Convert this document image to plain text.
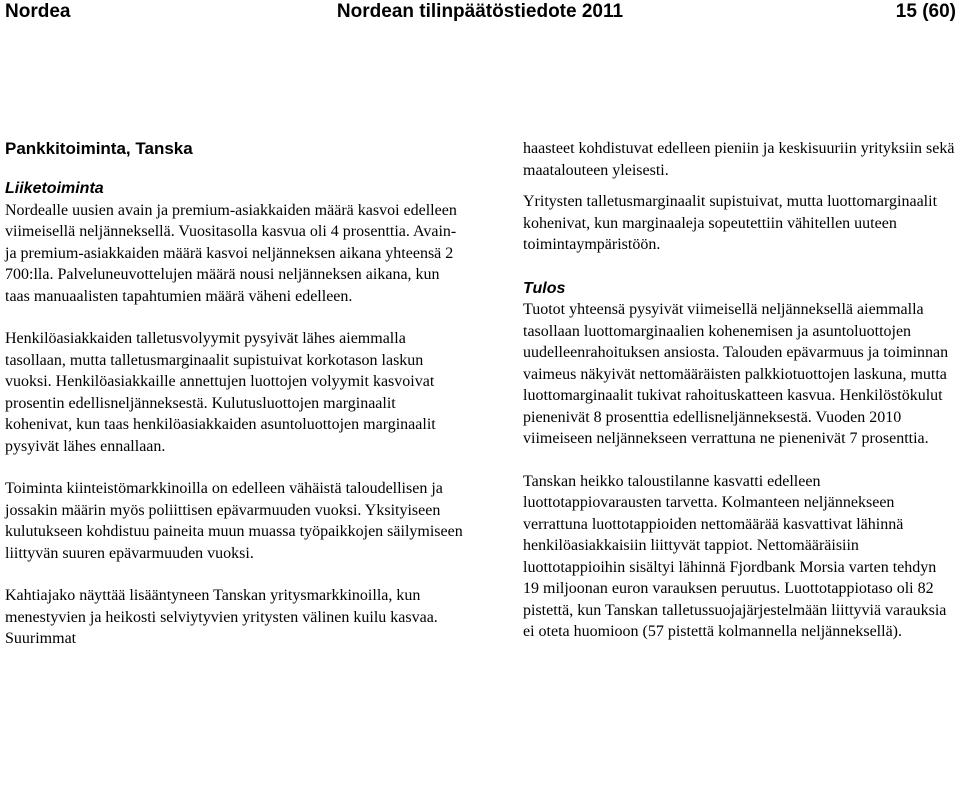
Nordea	Nordean tilinpäätöstiedote 2011	15 (60)
Pankkitoiminta, Tanska
Liiketoiminta

Nordealle uusien avain ja premium-asiakkaiden määrä kasvoi edelleen viimeisellä neljänneksellä. Vuositasolla kasvua oli 4 prosenttia. Avain- ja premium-asiakkaiden määrä kasvoi neljänneksen aikana yhteensä 2 700:lla. Palveluneuvottelujen määrä nousi neljänneksen aikana, kun taas manuaalisten tapahtumien määrä väheni edelleen.

Henkilöasiakkaiden talletusvolyymit pysyivät lähes aiemmalla tasollaan, mutta talletusmarginaalit supistuivat korkotason laskun vuoksi. Henkilöasiakkaille annettujen luottojen volyymit kasvoivat prosentin edellisneljänneksestä. Kulutusluottojen marginaalit kohenivat, kun taas henkilöasiakkaiden asuntoluottojen marginaalit pysyivät lähes ennallaan.

Toiminta kiinteistömarkkinoilla on edelleen vähäistä taloudellisen ja jossakin määrin myös poliittisen epävarmuuden vuoksi. Yksityiseen kulutukseen kohdistuu paineita muun muassa työpaikkojen säilymiseen liittyvän suuren epävarmuuden vuoksi.

Kahtiajako näyttää lisääntyneen Tanskan yritysmarkkinoilla, kun menestyvien ja heikosti selviytyvien yritysten välinen kuilu kasvaa. Suurimmat

haasteet kohdistuvat edelleen pieniin ja keskisuuriin yrityksiin sekä maatalouteen yleisesti.

Yritysten talletusmarginaalit supistuivat, mutta luottomarginaalit kohenivat, kun marginaaleja sopeutettiin vähitellen uuteen toimintaympäristöön.

Tulos

Tuotot yhteensä pysyivät viimeisellä neljänneksellä aiemmalla tasollaan luottomarginaalien kohenemisen ja asuntoluottojen uudelleenrahoituksen ansiosta. Talouden epävarmuus ja toiminnan vaimeus näkyivät nettomääräisten palkkiotuottojen laskuna, mutta luottomarginaalit tukivat rahoituskatteen kasvua. Henkilöstökulut pienenivät 8 prosenttia edellisneljänneksestä. Vuoden 2010 viimeiseen neljännekseen verrattuna ne pienenivät 7 prosenttia.

Tanskan heikko taloustilanne kasvatti edelleen luottotappiovarausten tarvetta. Kolmanteen neljännekseen verrattuna luottotappioiden nettomäärää kasvattivat lähinnä henkilöasiakkaisiin liittyvät tappiot. Nettomääräisiin luottotappioihin sisältyi lähinnä Fjordbank Morsia varten tehdyn 19 miljoonan euron varauksen peruutus. Luottotappiotaso oli 82 pistettä, kun Tanskan talletussuojajärjestelmään liittyviä varauksia ei oteta huomioon (57 pistettä kolmannella neljänneksellä).
